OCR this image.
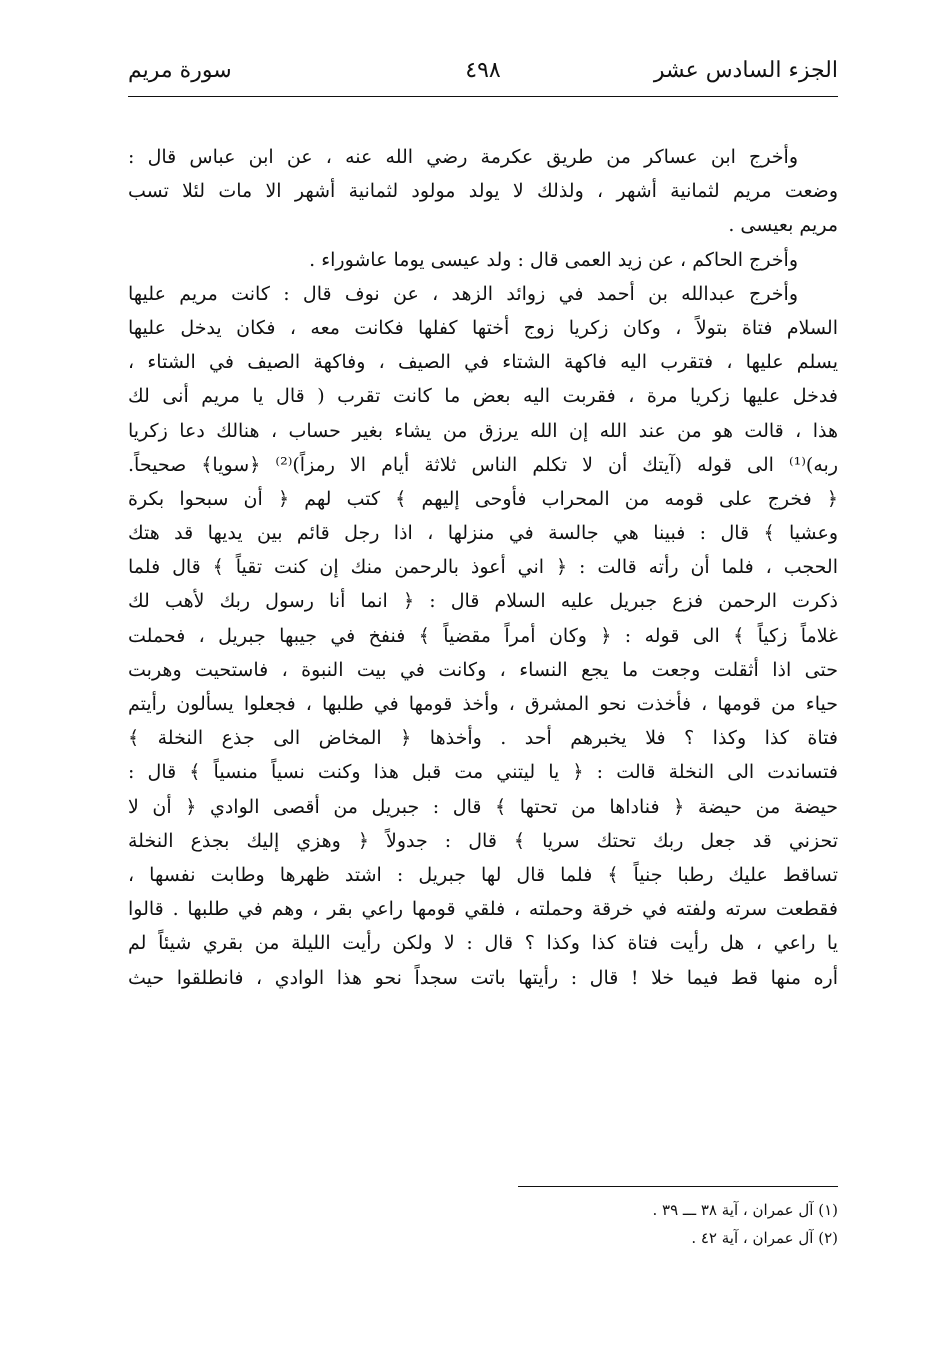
الجزء السادس عشر
٤٩٨
سورة مريم
وأخرج ابن عساكر من طريق عكرمة رضي الله عنه ، عن ابن عباس قال :
وضعت مريم لثمانية أشهر ، ولذلك لا يولد مولود لثمانية أشهر الا مات لئلا تسب
مريم بعيسى .
وأخرج الحاكم ، عن زيد العمى قال : ولد عيسى يوما عاشوراء .
وأخرج عبدالله بن أحمد في زوائد الزهد ، عن نوف قال : كانت مريم عليها
السلام فتاة بتولاً ، وكان زكريا زوج أختها كفلها فكانت معه ، فكان يدخل عليها
يسلم عليها ، فتقرب اليه فاكهة الشتاء في الصيف ، وفاكهة الصيف في الشتاء ،
فدخل عليها زكريا مرة ، فقربت اليه بعض ما كانت تقرب ( قال يا مريم أنى لك
هذا ، قالت هو من عند الله إن الله يرزق من يشاء بغير حساب ، هنالك دعا زكريا
ربه)⁽¹⁾ الى قوله (آيتك أن لا تكلم الناس ثلاثة أيام الا رمزاً)⁽²⁾ ﴿سويا﴾ صحيحاً.
﴿ فخرج على قومه من المحراب فأوحى إليهم ﴾ كتب لهم ﴿ أن سبحوا بكرة
وعشيا ﴾ قال : فبينا هي جالسة في منزلها ، اذا رجل قائم بين يديها قد هتك
الحجب ، فلما أن رأته قالت : ﴿ اني أعوذ بالرحمن منك إن كنت تقياً ﴾ قال فلما
ذكرت الرحمن فزع جبريل عليه السلام قال : ﴿ انما أنا رسول ربك لأهب لك
غلاماً زكياً ﴾ الى قوله : ﴿ وكان أمراً مقضياً ﴾ فنفخ في جيبها جبريل ، فحملت
حتى اذا أثقلت وجعت ما يجع النساء ، وكانت في بيت النبوة ، فاستحيت وهربت
حياء من قومها ، فأخذت نحو المشرق ، وأخذ قومها في طلبها ، فجعلوا يسألون رأيتم
فتاة كذا وكذا ؟ فلا يخبرهم أحد . وأخذها ﴿ المخاض الى جذع النخلة ﴾
فتساندت الى النخلة قالت : ﴿ يا ليتني مت قبل هذا وكنت نسياً منسياً ﴾ قال :
حيضة من حيضة ﴿ فناداها من تحتها ﴾ قال : جبريل من أقصى الوادي ﴿ أن لا
تحزني قد جعل ربك تحتك سريا ﴾ قال : جدولاً ﴿ وهزي إليك بجذع النخلة
تساقط عليك رطبا جنياً ﴾ فلما قال لها جبريل : اشتد ظهرها وطابت نفسها ،
فقطعت سرته ولفته في خرقة وحملته ، فلقي قومها راعي بقر ، وهم في طلبها . قالوا
يا راعي ، هل رأيت فتاة كذا وكذا ؟ قال : لا ولكن رأيت الليلة من بقري شيئاً لم
أره منها قط فيما خلا ! قال : رأيتها باتت سجداً نحو هذا الوادي ، فانطلقوا حيث
(١) آل عمران ، آية ٣٨ ـــ ٣٩ .
(٢) آل عمران ، آية ٤٢ .
